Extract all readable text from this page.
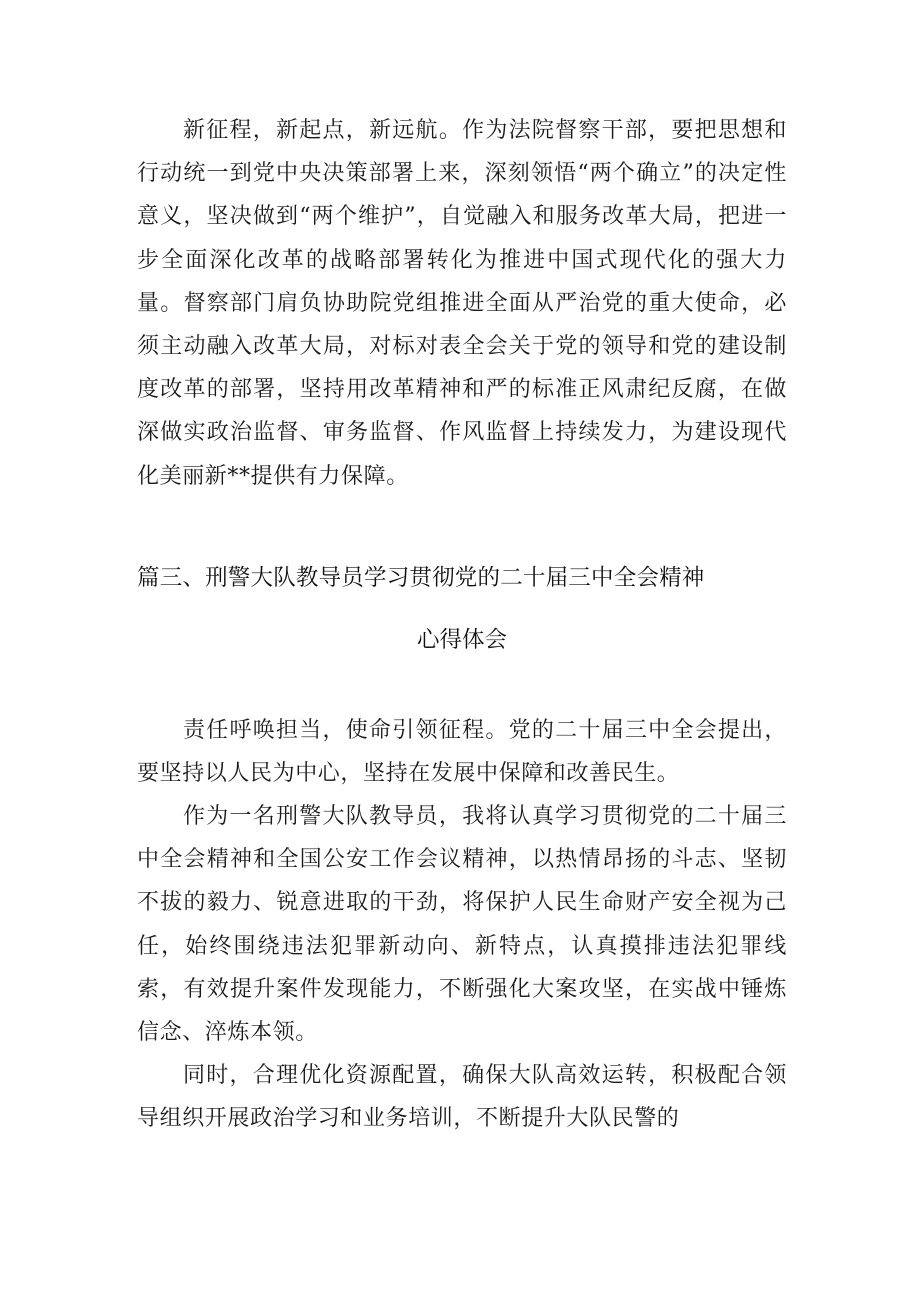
新征程，新起点，新远航。作为法院督察干部，要把思想和行动统一到党中央决策部署上来，深刻领悟“两个确立”的决定性意义，坚决做到“两个维护”，自觉融入和服务改革大局，把进一步全面深化改革的战略部署转化为推进中国式现代化的强大力量。督察部门肩负协助院党组推进全面从严治党的重大使命，必须主动融入改革大局，对标对表全会关于党的领导和党的建设制度改革的部署，坚持用改革精神和严的标准正风肃纪反腐，在做深做实政治监督、审务监督、作风监督上持续发力，为建设现代化美丽新**提供有力保障。

篇三、刑警大队教导员学习贯彻党的二十届三中全会精神
心得体会

责任呼唤担当，使命引领征程。党的二十届三中全会提出，要坚持以人民为中心，坚持在发展中保障和改善民生。

作为一名刑警大队教导员，我将认真学习贯彻党的二十届三中全会精神和全国公安工作会议精神，以热情昂扬的斗志、坚韧不拔的毅力、锐意进取的干劲，将保护人民生命财产安全视为己任，始终围绕违法犯罪新动向、新特点，认真摸排违法犯罪线索，有效提升案件发现能力，不断强化大案攻坚，在实战中锤炼信念、淬炼本领。

同时，合理优化资源配置，确保大队高效运转，积极配合领导组织开展政治学习和业务培训，不断提升大队民警的
